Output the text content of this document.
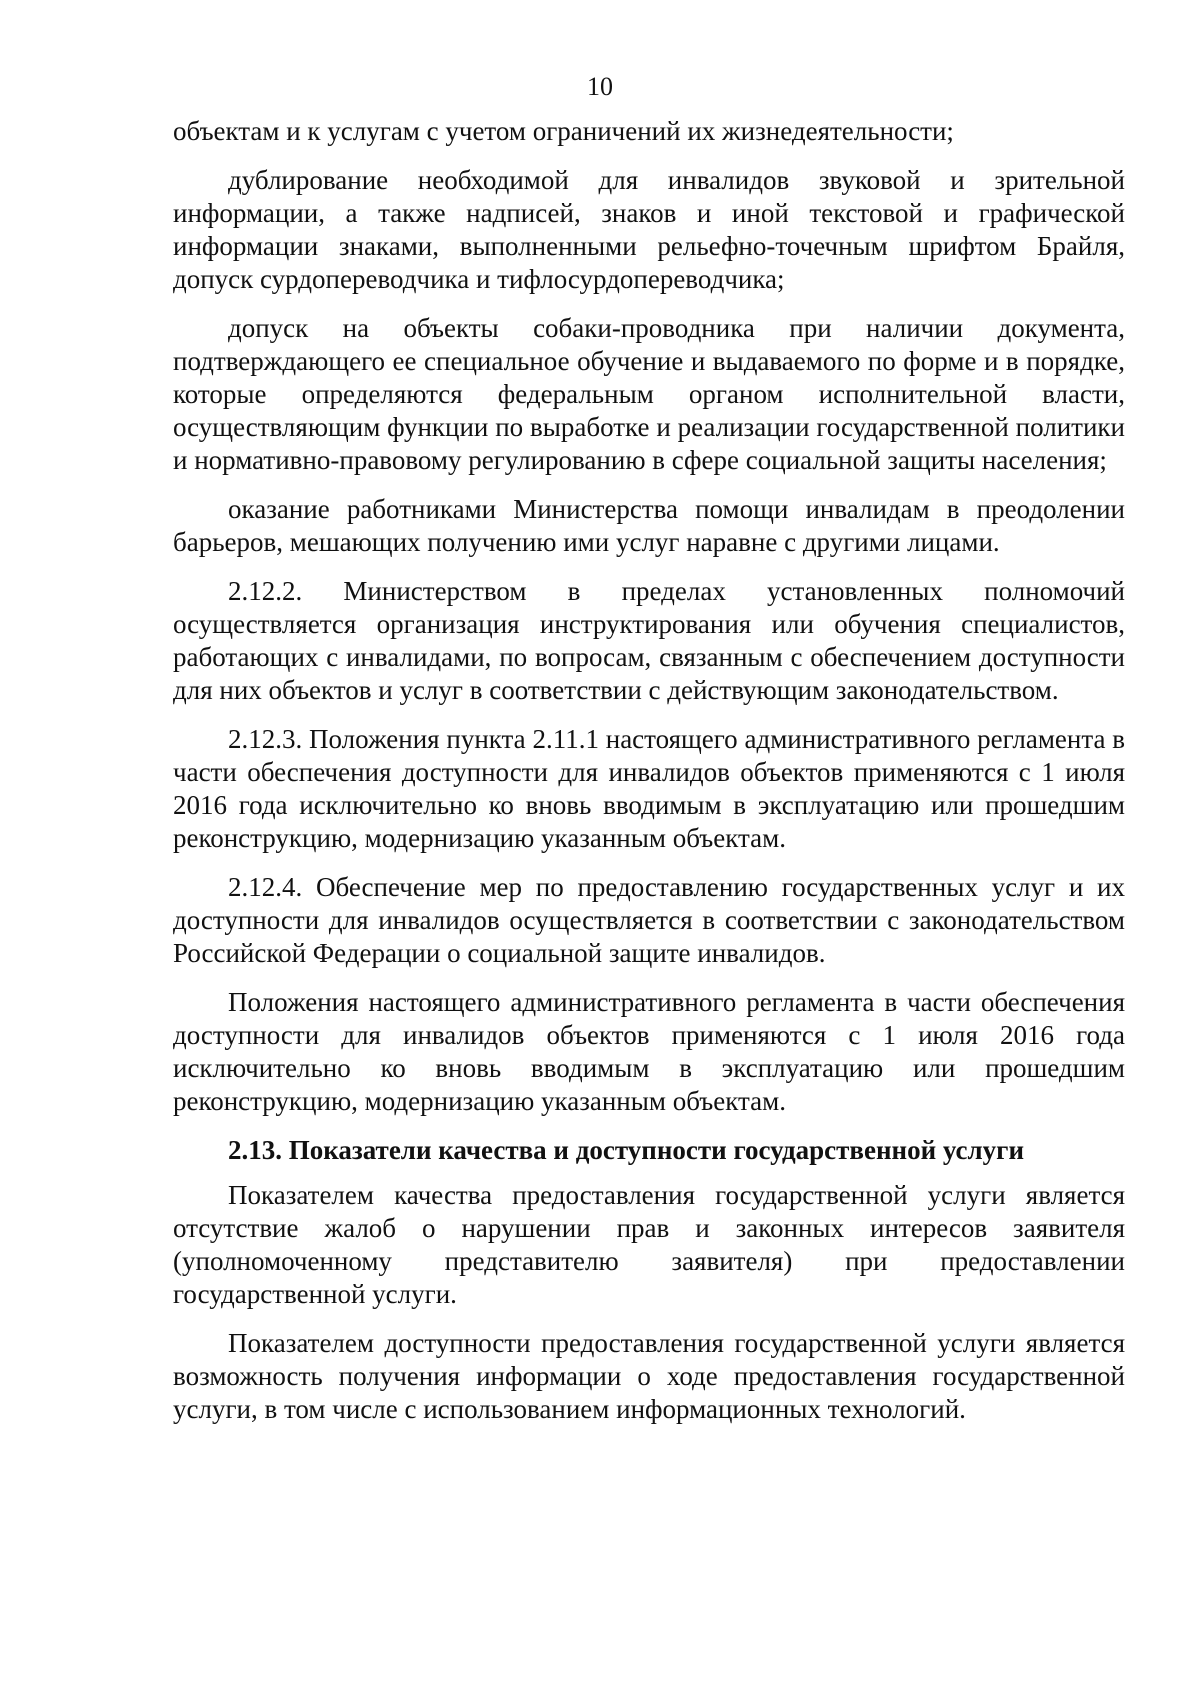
10

объектам и к услугам с учетом ограничений их жизнедеятельности;

дублирование необходимой для инвалидов звуковой и зрительной информации, а также надписей, знаков и иной текстовой и графической информации знаками, выполненными рельефно-точечным шрифтом Брайля, допуск сурдопереводчика и тифлосурдопереводчика;

допуск на объекты собаки-проводника при наличии документа, подтверждающего ее специальное обучение и выдаваемого по форме и в порядке, которые определяются федеральным органом исполнительной власти, осуществляющим функции по выработке и реализации государственной политики и нормативно-правовому регулированию в сфере социальной защиты населения;

оказание работниками Министерства помощи инвалидам в преодолении барьеров, мешающих получению ими услуг наравне с другими лицами.

2.12.2. Министерством в пределах установленных полномочий осуществляется организация инструктирования или обучения специалистов, работающих с инвалидами, по вопросам, связанным с обеспечением доступности для них объектов и услуг в соответствии с действующим законодательством.

2.12.3. Положения пункта 2.11.1 настоящего административного регламента в части обеспечения доступности для инвалидов объектов применяются с 1 июля 2016 года исключительно ко вновь вводимым в эксплуатацию или прошедшим реконструкцию, модернизацию указанным объектам.

2.12.4. Обеспечение мер по предоставлению государственных услуг и их доступности для инвалидов осуществляется в соответствии с законодательством Российской Федерации о социальной защите инвалидов.

Положения настоящего административного регламента в части обеспечения доступности для инвалидов объектов применяются с 1 июля 2016 года исключительно ко вновь вводимым в эксплуатацию или прошедшим реконструкцию, модернизацию указанным объектам.

2.13. Показатели качества и доступности государственной услуги

Показателем качества предоставления государственной услуги является отсутствие жалоб о нарушении прав и законных интересов заявителя (уполномоченному представителю заявителя) при предоставлении государственной услуги.

Показателем доступности предоставления государственной услуги является возможность получения информации о ходе предоставления государственной услуги, в том числе с использованием информационных технологий.
